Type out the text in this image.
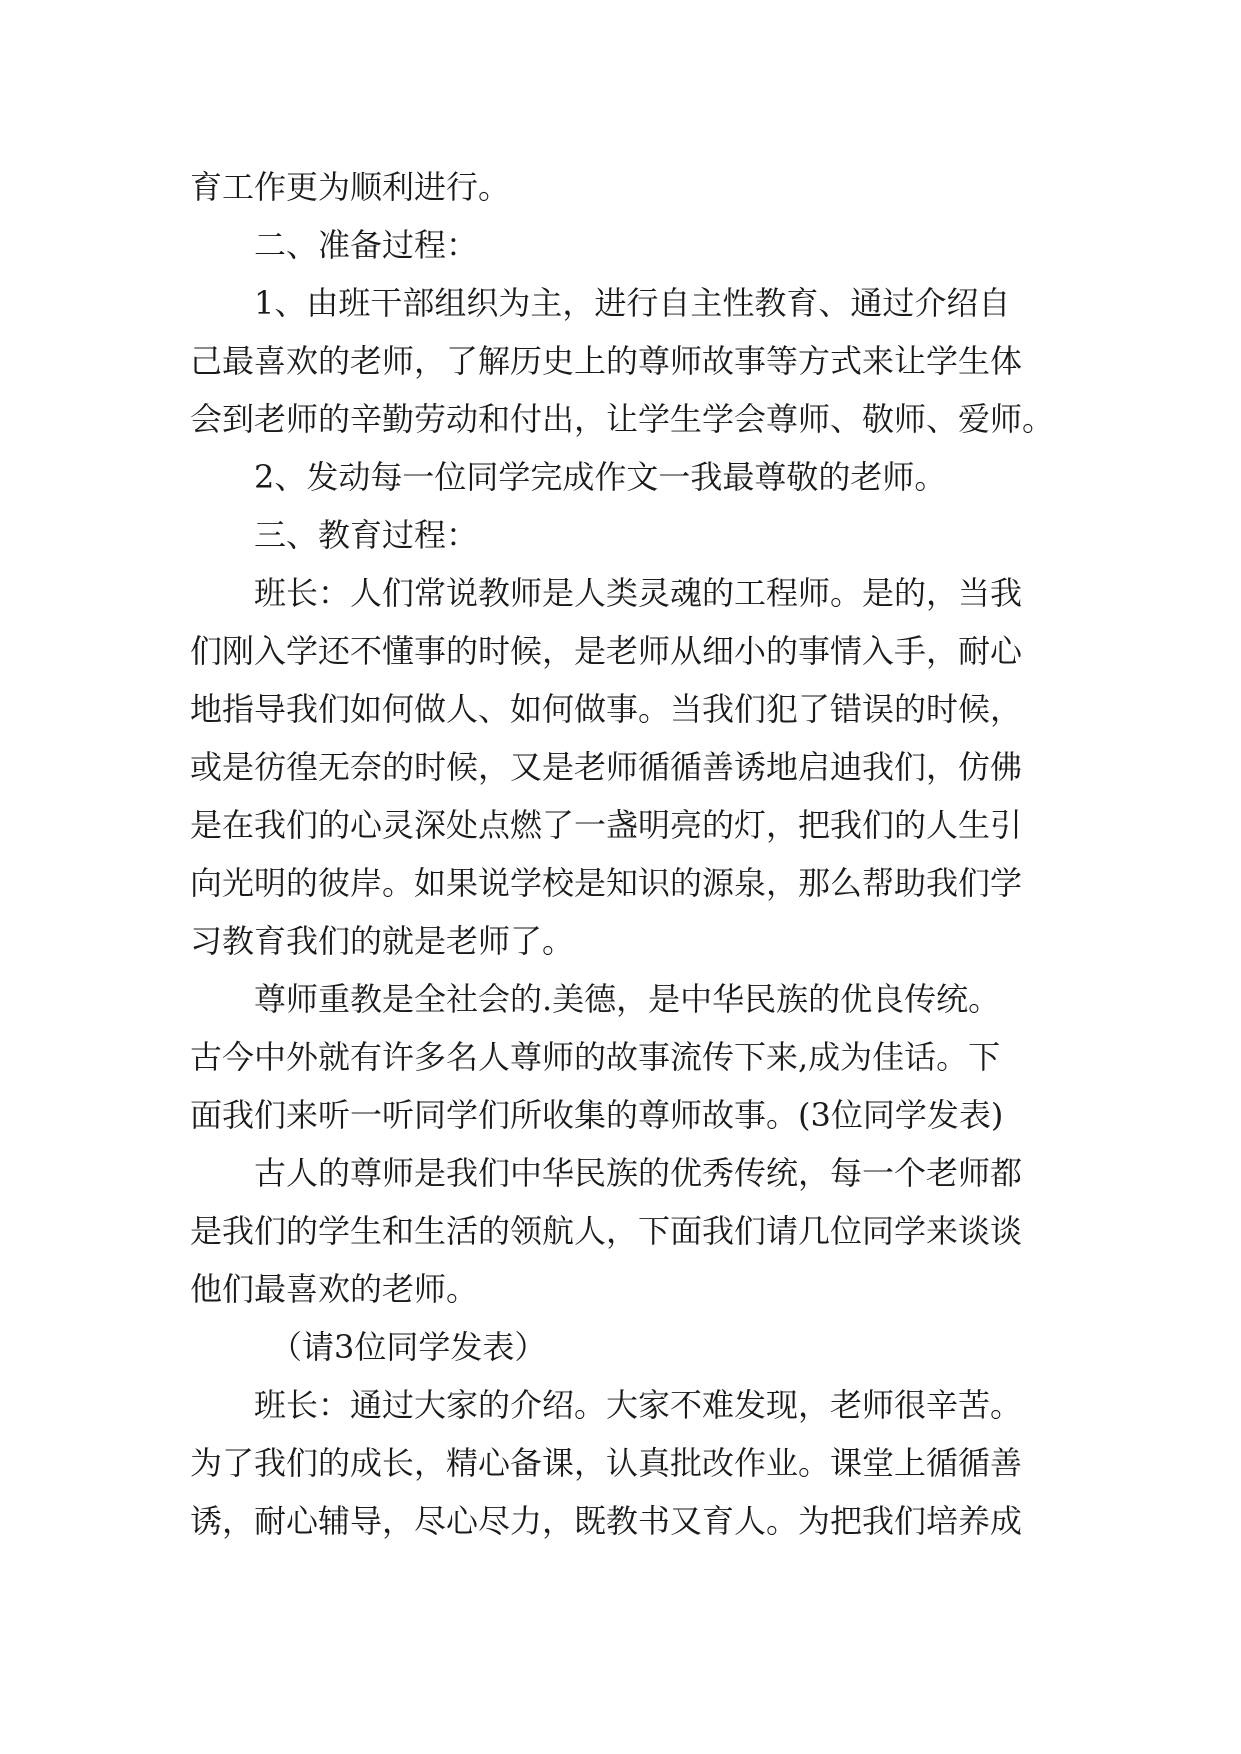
育工作更为顺利进行。
二、准备过程：
1、由班干部组织为主，进行自主性教育、通过介绍自
己最喜欢的老师，了解历史上的尊师故事等方式来让学生体
会到老师的辛勤劳动和付出，让学生学会尊师、敬师、爱师。
2、发动每一位同学完成作文一我最尊敬的老师。
三、教育过程：
班长：人们常说教师是人类灵魂的工程师。是的，当我
们刚入学还不懂事的时候，是老师从细小的事情入手，耐心
地指导我们如何做人、如何做事。当我们犯了错误的时候，
或是彷徨无奈的时候，又是老师循循善诱地启迪我们，仿佛
是在我们的心灵深处点燃了一盏明亮的灯，把我们的人生引
向光明的彼岸。如果说学校是知识的源泉，那么帮助我们学
习教育我们的就是老师了。
尊师重教是全社会的.美德，是中华民族的优良传统。
古今中外就有许多名人尊师的故事流传下来,成为佳话。下
面我们来听一听同学们所收集的尊师故事。(3位同学发表)
古人的尊师是我们中华民族的优秀传统，每一个老师都
是我们的学生和生活的领航人，下面我们请几位同学来谈谈
他们最喜欢的老师。
（请3位同学发表）
班长：通过大家的介绍。大家不难发现，老师很辛苦。
为了我们的成长，精心备课，认真批改作业。课堂上循循善
诱，耐心辅导，尽心尽力，既教书又育人。为把我们培养成
